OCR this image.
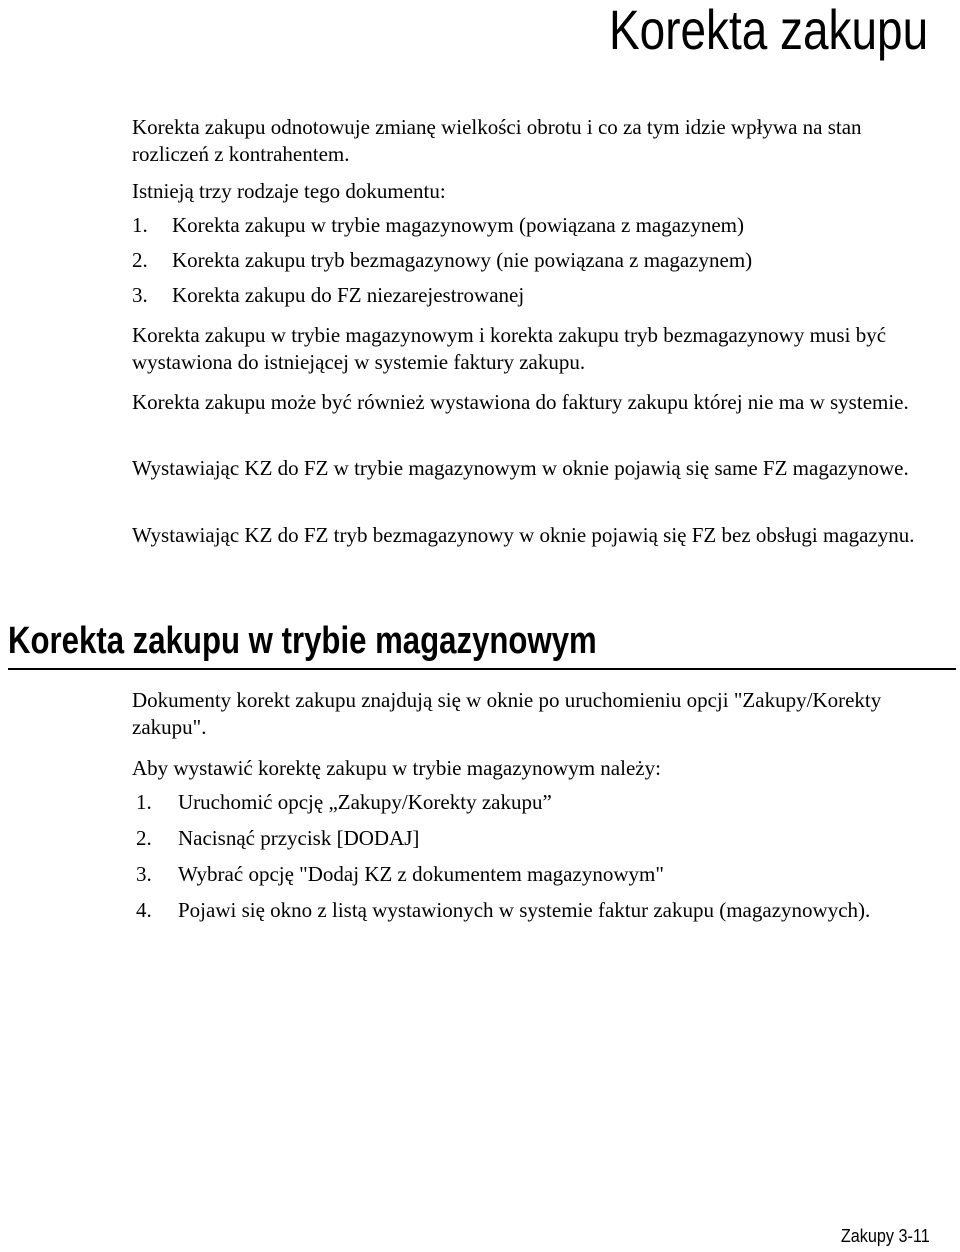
Korekta zakupu

Korekta zakupu odnotowuje zmianę wielkości obrotu i co za tym idzie wpływa na stan rozliczeń z kontrahentem.

Istnieją trzy rodzaje tego dokumentu:

1. Korekta zakupu w trybie magazynowym (powiązana z magazynem)
2. Korekta zakupu tryb bezmagazynowy (nie powiązana z magazynem)
3. Korekta zakupu do FZ niezarejestrowanej

Korekta zakupu w trybie magazynowym i korekta zakupu tryb bezmagazynowy musi być wystawiona do istniejącej w systemie faktury zakupu.

Korekta zakupu może być również wystawiona do faktury zakupu której nie ma w systemie.

Wystawiając KZ do FZ w trybie magazynowym w oknie pojawią się same FZ magazynowe.

Wystawiając KZ do FZ tryb bezmagazynowy w oknie pojawią się FZ bez obsługi magazynu.

Korekta zakupu w trybie magazynowym

Dokumenty korekt zakupu znajdują się w oknie po uruchomieniu opcji "Zakupy/Korekty zakupu".

Aby wystawić korektę zakupu w trybie magazynowym należy:

1. Uruchomić opcję „Zakupy/Korekty zakupu”
2. Nacisnąć przycisk [DODAJ]
3. Wybrać opcję "Dodaj KZ z dokumentem magazynowym"
4. Pojawi się okno z listą wystawionych w systemie faktur zakupu (magazynowych).
Zakupy 3-11
